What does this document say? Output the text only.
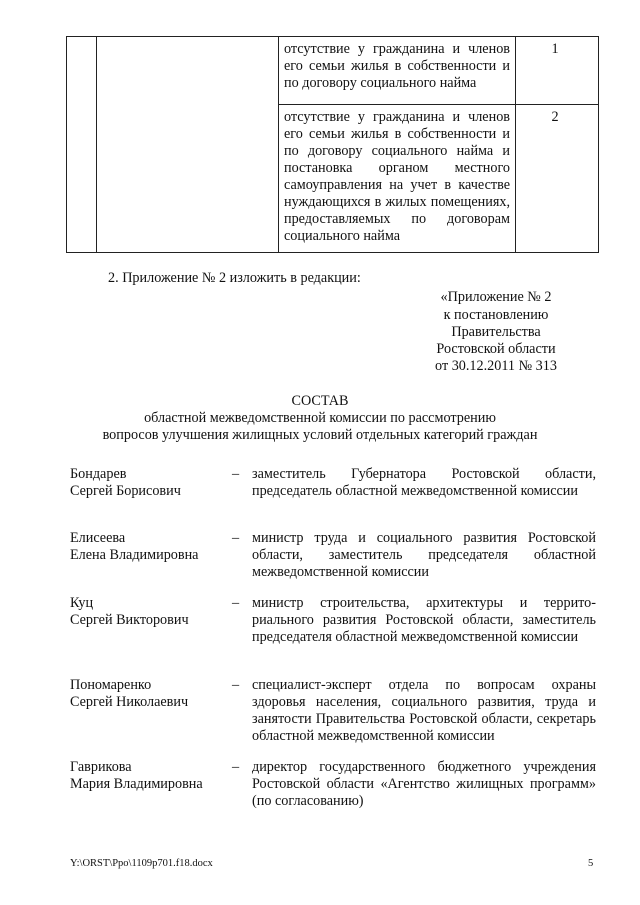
отсутствие у гражданина и членов его семьи жилья в собственности и по договору социального найма
1
отсутствие у гражданина и членов его семьи жилья в собственности и по договору социального найма и постановка органом местного самоуправления на учет в качестве нуждающихся в жилых помещениях, предоставляемых по договорам социального найма
2
2. Приложение № 2 изложить в редакции:
«Приложение № 2
к постановлению
Правительства
Ростовской области
от 30.12.2011 № 313
СОСТАВ
областной межведомственной комиссии по рассмотрению
вопросов улучшения жилищных условий отдельных категорий граждан
Бондарев
Сергей Борисович
– заместитель Губернатора Ростовской области, председатель областной межведомственной комиссии
Елисеева
Елена Владимировна
– министр труда и социального развития Ростовской области, заместитель председателя областной межведомственной комиссии
Куц
Сергей Викторович
– министр строительства, архитектуры и террито-риального развития Ростовской области, заместитель председателя областной межведомственной комиссии
Пономаренко
Сергей Николаевич
– специалист-эксперт отдела по вопросам охраны здоровья населения, социального развития, труда и занятости Правительства Ростовской области, секретарь областной межведомственной комиссии
Гаврикова
Мария Владимировна
– директор государственного бюджетного учреждения Ростовской области «Агентство жилищных программ» (по согласованию)
Y:\ORST\Ppo\1109p701.f18.docx	5
